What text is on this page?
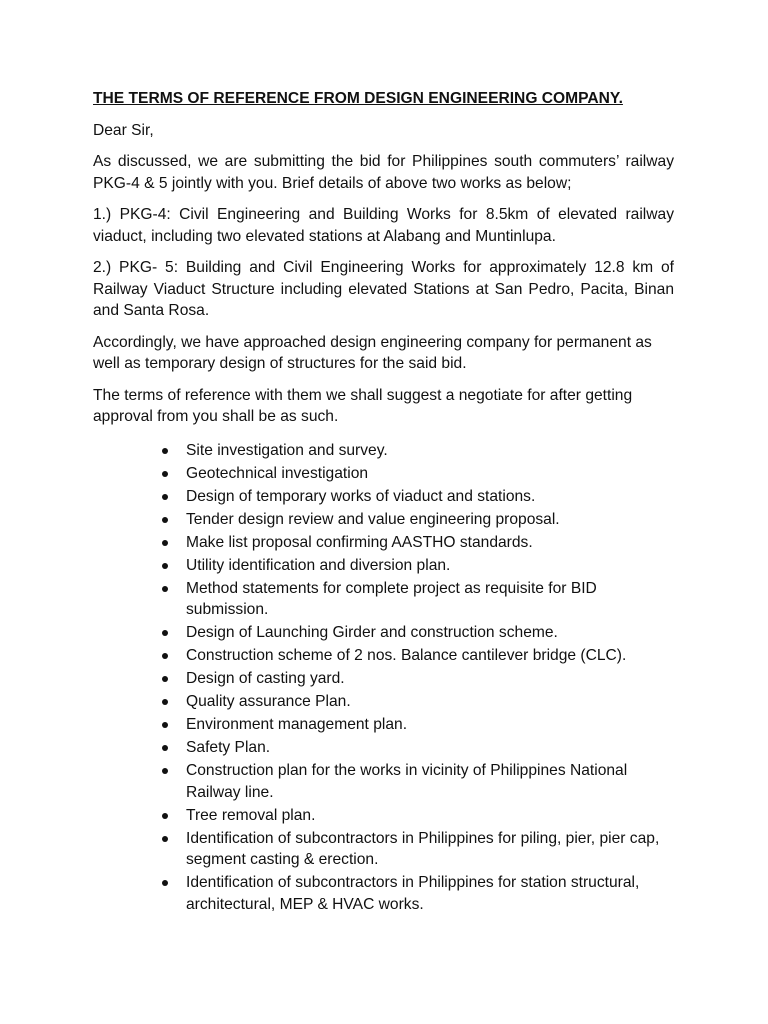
THE TERMS OF REFERENCE FROM DESIGN ENGINEERING COMPANY.
Dear Sir,
As discussed, we are submitting the bid for Philippines south commuters’ railway PKG-4 & 5 jointly with you. Brief details of above two works as below;
1.) PKG-4: Civil Engineering and Building Works for 8.5km of elevated railway viaduct, including two elevated stations at Alabang and Muntinlupa.
2.) PKG- 5: Building and Civil Engineering Works for approximately 12.8 km of Railway Viaduct Structure including elevated Stations at San Pedro, Pacita, Binan and Santa Rosa.
Accordingly, we have approached design engineering company for permanent as well as temporary design of structures for the said bid.
The terms of reference with them we shall suggest a negotiate for after getting approval from you shall be as such.
Site investigation and survey.
Geotechnical investigation
Design of temporary works of viaduct and stations.
Tender design review and value engineering proposal.
Make list proposal confirming AASTHO standards.
Utility identification and diversion plan.
Method statements for complete project as requisite for BID submission.
Design of Launching Girder and construction scheme.
Construction scheme of 2 nos. Balance cantilever bridge (CLC).
Design of casting yard.
Quality assurance Plan.
Environment management plan.
Safety Plan.
Construction plan for the works in vicinity of Philippines National Railway line.
Tree removal plan.
Identification of subcontractors in Philippines for piling, pier, pier cap, segment casting & erection.
Identification of subcontractors in Philippines for station structural, architectural, MEP & HVAC works.
